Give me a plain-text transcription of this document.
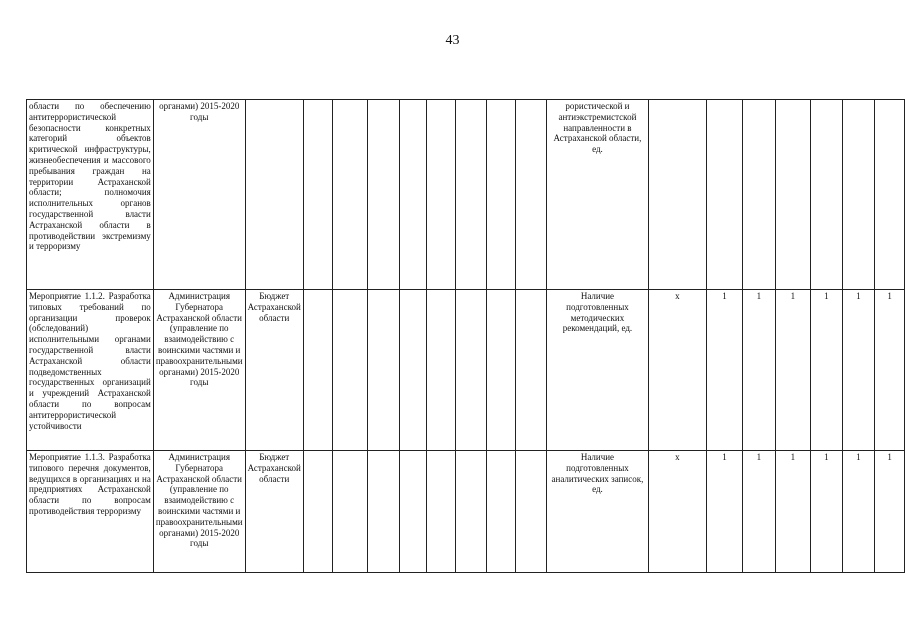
43
области по обеспечению антитеррористической безопасности конкретных категорий объектов критической инфраструктуры, жизнеобеспечения и массового пребывания граждан на территории Астраханской области; полномочия исполнительных органов государственной власти Астраханской области в противодействии экстремизму и терроризму	органами) 2015-2020 годы										рористической и антиэкстремистской направленности в Астраханской области, ед.							
Мероприятие 1.1.2. Разработка типовых требований по организации проверок (обследований) исполнительными органами государственной власти Астраханской области подведомственных государственных организаций и учреждений Астраханской области по вопросам антитеррористической устойчивости	Администрация Губернатора Астраханской области (управление по взаимодействию с воинскими частями и правоохранительными органами) 2015-2020 годы	Бюджет Астраханской области									Наличие подготовленных методических рекомендаций, ед.	х	1	1	1	1	1	1
Мероприятие 1.1.3. Разработка типового перечня документов, ведущихся в организациях и на предприятиях Астраханской области по вопросам противодействия терроризму	Администрация Губернатора Астраханской области (управление по взаимодействию с воинскими частями и правоохранительными органами) 2015-2020 годы	Бюджет Астраханской области									Наличие подготовленных аналитических записок, ед.	х	1	1	1	1	1	1
